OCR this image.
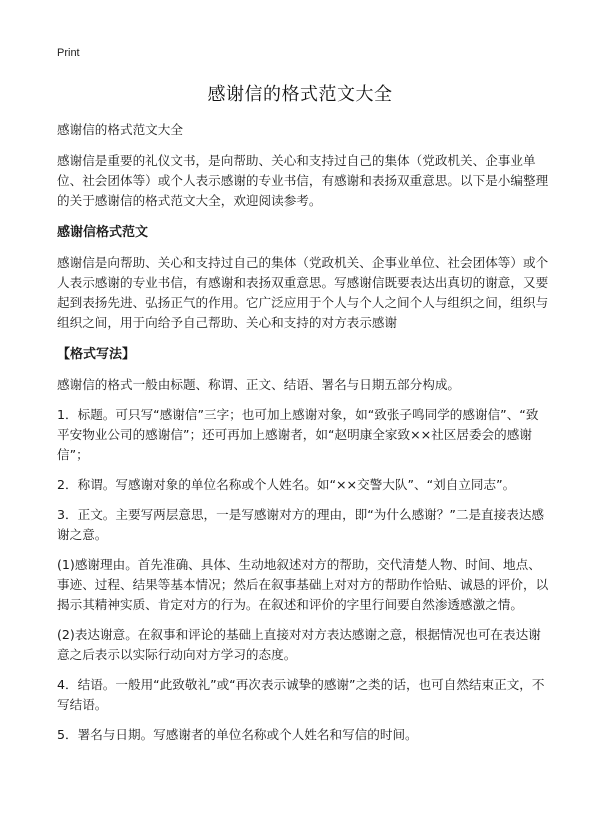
Print
感谢信的格式范文大全

感谢信的格式范文大全

感谢信是重要的礼仪文书，是向帮助、关心和支持过自己的集体（党政机关、企事业单位、社会团体等）或个人表示感谢的专业书信，有感谢和表扬双重意思。以下是小编整理的关于感谢信的格式范文大全，欢迎阅读参考。

感谢信格式范文

感谢信是向帮助、关心和支持过自己的集体（党政机关、企事业单位、社会团体等）或个人表示感谢的专业书信，有感谢和表扬双重意思。写感谢信既要表达出真切的谢意，又要起到表扬先进、弘扬正气的作用。它广泛应用于个人与个人之间个人与组织之间，组织与组织之间，用于向给予自己帮助、关心和支持的对方表示感谢

【格式写法】

感谢信的格式一般由标题、称谓、正文、结语、署名与日期五部分构成。

1．标题。可只写“感谢信”三字；也可加上感谢对象，如“致张子鸣同学的感谢信”、“致平安物业公司的感谢信”；还可再加上感谢者，如“赵明康全家致××社区居委会的感谢信”；

2．称谓。写感谢对象的单位名称或个人姓名。如“××交警大队”、“刘自立同志”。

3．正文。主要写两层意思，一是写感谢对方的理由，即“为什么感谢？”二是直接表达感谢之意。

(1)感谢理由。首先准确、具体、生动地叙述对方的帮助，交代清楚人物、时间、地点、事迹、过程、结果等基本情况；然后在叙事基础上对对方的帮助作恰贴、诚恳的评价，以揭示其精神实质、肯定对方的行为。在叙述和评价的字里行间要自然渗透感激之情。

(2)表达谢意。在叙事和评论的基础上直接对对方表达感谢之意，根据情况也可在表达谢意之后表示以实际行动向对方学习的态度。

4．结语。一般用“此致敬礼”或“再次表示诚挚的感谢”之类的话，也可自然结束正文，不写结语。

5．署名与日期。写感谢者的单位名称或个人姓名和写信的时间。
